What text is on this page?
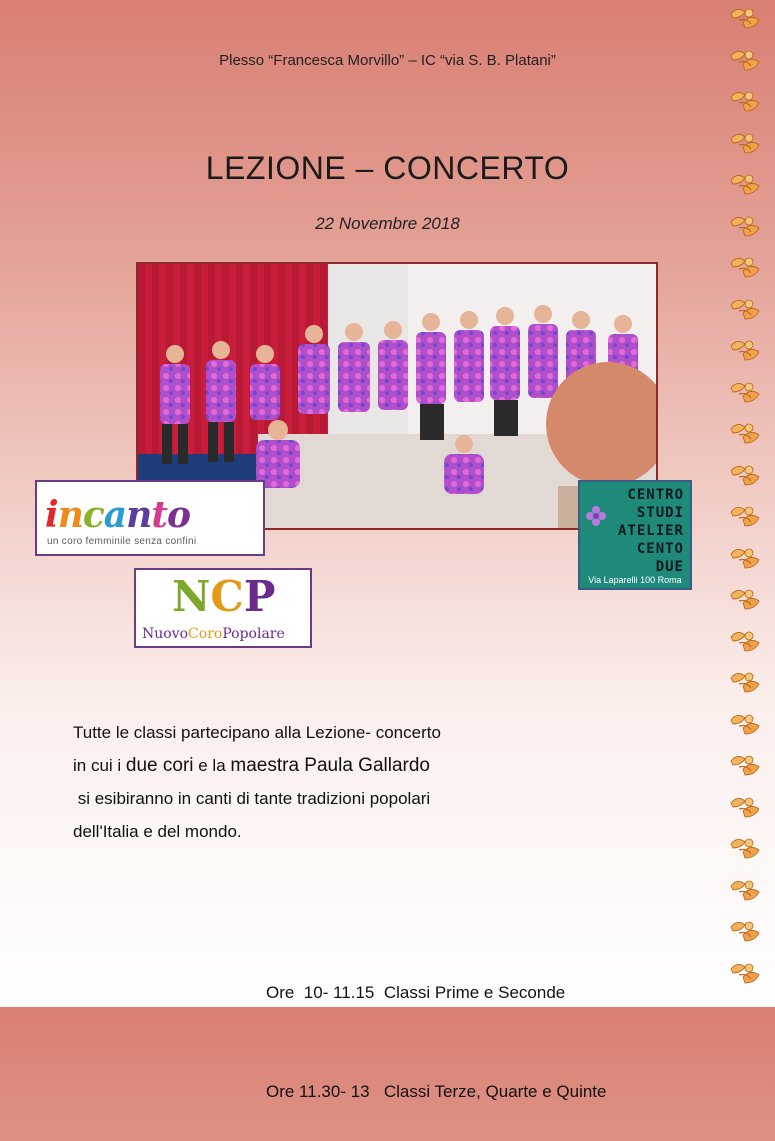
Plesso “Francesca Morvillo” – IC “via S. B. Platani”
LEZIONE – CONCERTO
22 Novembre 2018
incanto
un coro femminile senza confini
NCP
NuovoCoroPopolare
CENTRO
STUDI
ATELIER
CENTO
DUE
Via Laparelli 100 Roma
Tutte le classi partecipano alla Lezione- concerto
in cui i due cori e la maestra Paula Gallardo
si esibiranno in canti di tante tradizioni popolari
dell'Italia e del mondo.

Ore  10- 11.15 Classi Prime e Seconde

Ore 11.30- 13 Classi Terze, Quarte e Quinte
